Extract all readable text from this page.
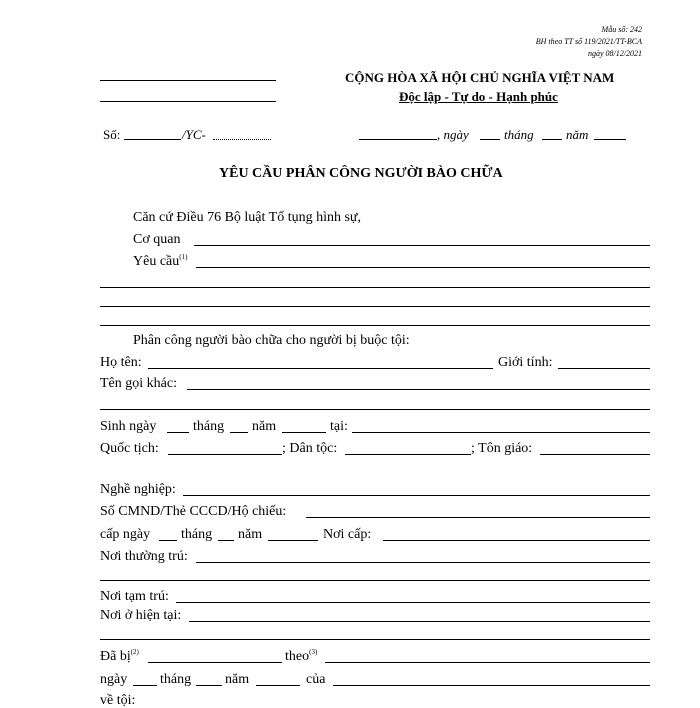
Mẫu số: 242
BH theo TT số 119/2021/TT-BCA
ngày 08/12/2021
CỘNG HÒA XÃ HỘI CHỦ NGHĨA VIỆT NAM
Độc lập - Tự do - Hạnh phúc
Số:	/YC-	, ngày	tháng năm
YÊU CẦU PHÂN CÔNG NGƯỜI BÀO CHỮA
Căn cứ Điều 76 Bộ luật Tố tụng hình sự,
Cơ quan
Yêu cầu$^{(1)}$
Phân công người bào chữa cho người bị buộc tội:
Họ tên:	Giới tính:
Tên gọi khác:
Sinh ngày	tháng năm	tại:
Quốc tịch:	; Dân tộc:	; Tôn giáo:
Nghề nghiệp:
Số CMND/Thẻ CCCD/Hộ chiếu:
cấp ngày tháng năm	Nơi cấp:
Nơi thường trú:
Nơi tạm trú:
Nơi ở hiện tại:
Đã bị$^{(2)}$	theo$^{(3)}$
ngày tháng năm	của
về tội:
